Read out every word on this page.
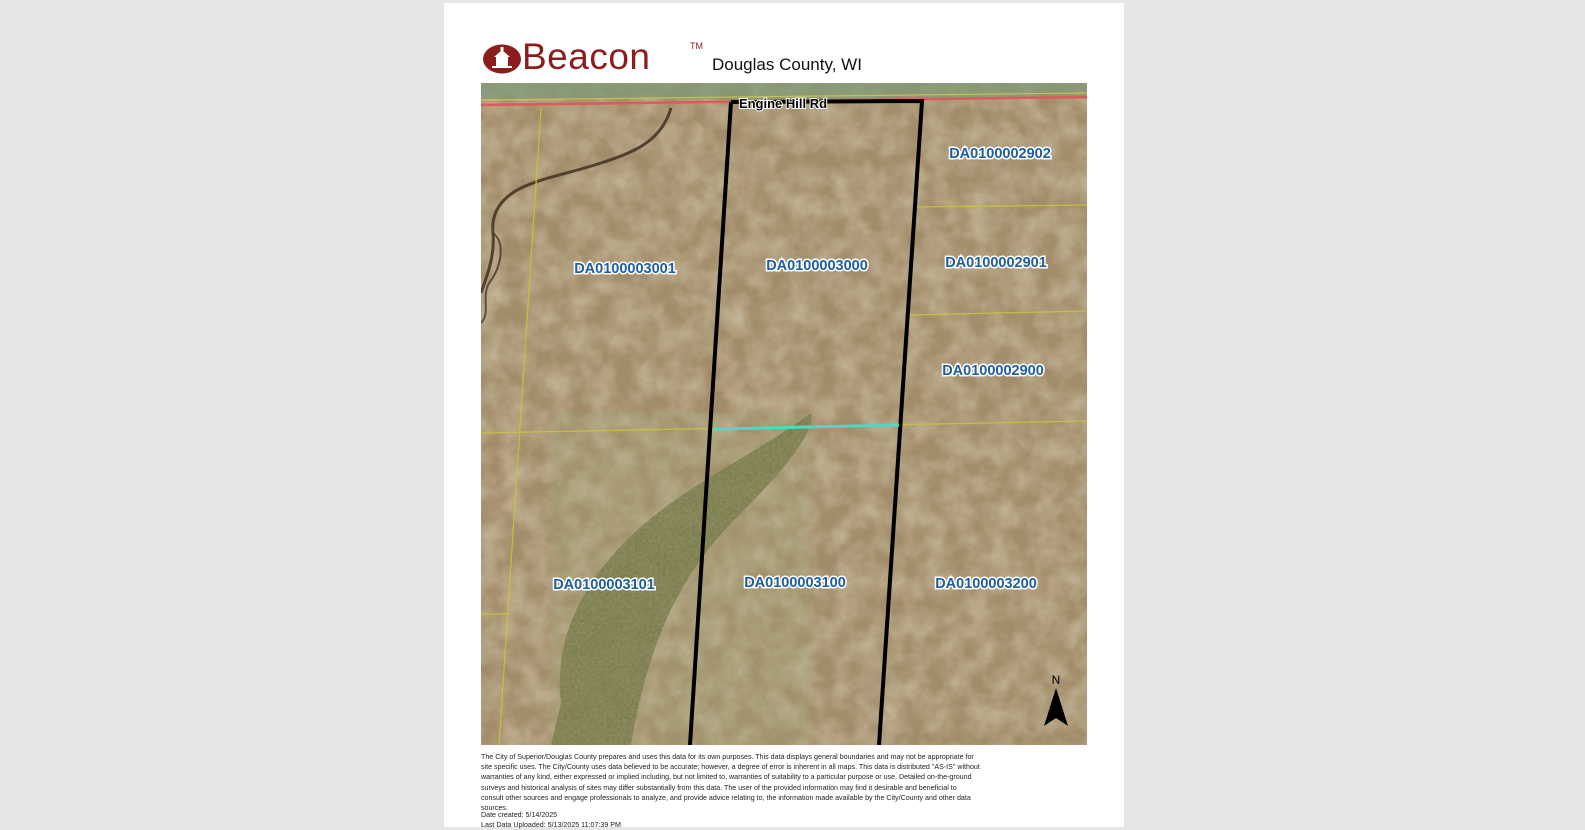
Beacon	TM
Douglas County, WI
Engine Hill Rd
DA0100002902
DA0100003001	DA0100003000	DA0100002901
DA0100002900
DA0100003101	DA0100003100	DA0100003200
N
The City of Superior/Douglas County prepares and uses this data for its own purposes. This data displays general boundaries and may not be appropriate for site specific uses. The City/County uses data believed to be accurate; however, a degree of error is inherent in all maps. This data is distributed "AS-IS" without warranties of any kind, either expressed or implied including, but not limited to, warranties of suitability to a particular purpose or use. Detailed on-the-ground surveys and historical analysis of sites may differ substantially from this data. The user of the provided information may find it desirable and beneficial to consult other sources and engage professionals to analyze, and provide advice relating to, the information made available by the City/County and other data sources.
Date created: 5/14/2025
Last Data Uploaded: 5/13/2025 11:07:39 PM
